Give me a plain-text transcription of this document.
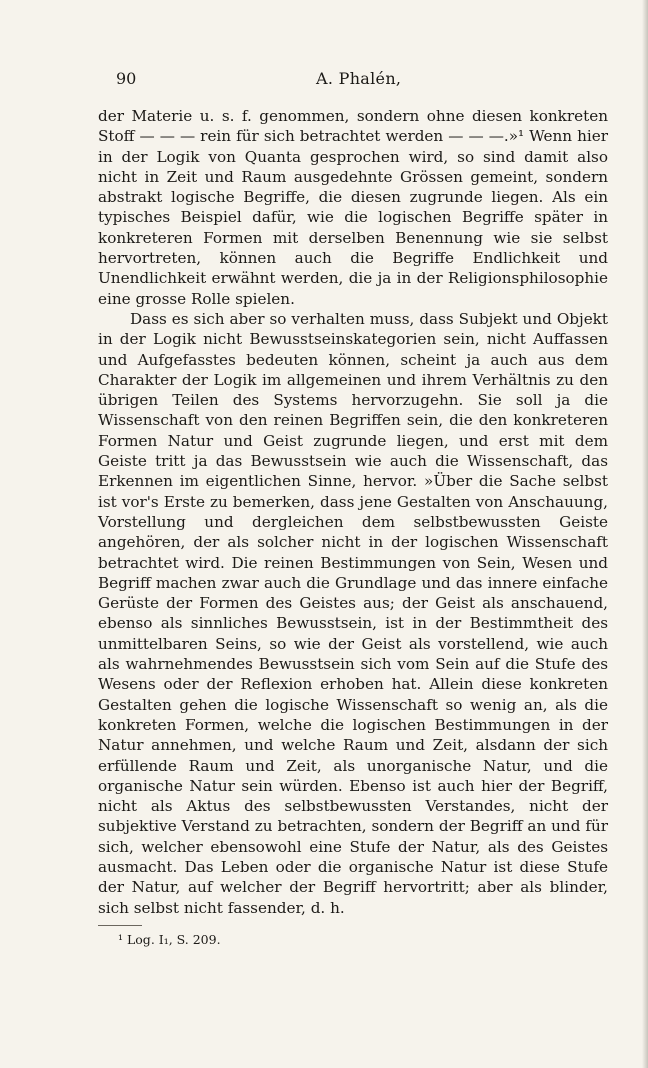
90	A. Phalén,

der Materie u. s. f. genommen, sondern ohne diesen konkreten Stoff — — — rein für sich betrachtet werden — — —.»¹ Wenn hier in der Logik von Quanta gesprochen wird, so sind damit also nicht in Zeit und Raum ausgedehnte Grössen gemeint, sondern abstrakt logische Begriffe, die diesen zugrunde liegen. Als ein typisches Beispiel dafür, wie die logischen Begriffe später in konkreteren Formen mit derselben Benennung wie sie selbst hervortreten, können auch die Begriffe Endlichkeit und Unendlichkeit erwähnt werden, die ja in der Religionsphilosophie eine grosse Rolle spielen.

Dass es sich aber so verhalten muss, dass Subjekt und Objekt in der Logik nicht Bewusstseinskategorien sein, nicht Auffassen und Aufgefasstes bedeuten können, scheint ja auch aus dem Charakter der Logik im allgemeinen und ihrem Verhältnis zu den übrigen Teilen des Systems hervorzugehn. Sie soll ja die Wissenschaft von den reinen Begriffen sein, die den konkreteren Formen Natur und Geist zugrunde liegen, und erst mit dem Geiste tritt ja das Bewusstsein wie auch die Wissenschaft, das Erkennen im eigentlichen Sinne, hervor. »Über die Sache selbst ist vor's Erste zu bemerken, dass jene Gestalten von Anschauung, Vorstellung und dergleichen dem selbstbewussten Geiste angehören, der als solcher nicht in der logischen Wissenschaft betrachtet wird. Die reinen Bestimmungen von Sein, Wesen und Begriff machen zwar auch die Grundlage und das innere einfache Gerüste der Formen des Geistes aus; der Geist als anschauend, ebenso als sinnliches Bewusstsein, ist in der Bestimmtheit des unmittelbaren Seins, so wie der Geist als vorstellend, wie auch als wahrnehmendes Bewusstsein sich vom Sein auf die Stufe des Wesens oder der Reflexion erhoben hat. Allein diese konkreten Gestalten gehen die logische Wissenschaft so wenig an, als die konkreten Formen, welche die logischen Bestimmungen in der Natur annehmen, und welche Raum und Zeit, alsdann der sich erfüllende Raum und Zeit, als unorganische Natur, und die organische Natur sein würden. Ebenso ist auch hier der Begriff, nicht als Aktus des selbstbewussten Verstandes, nicht der subjektive Verstand zu betrachten, sondern der Begriff an und für sich, welcher ebensowohl eine Stufe der Natur, als des Geistes ausmacht. Das Leben oder die organische Natur ist diese Stufe der Natur, auf welcher der Begriff hervortritt; aber als blinder, sich selbst nicht fassender, d. h.

¹ Log. I₁, S. 209.
